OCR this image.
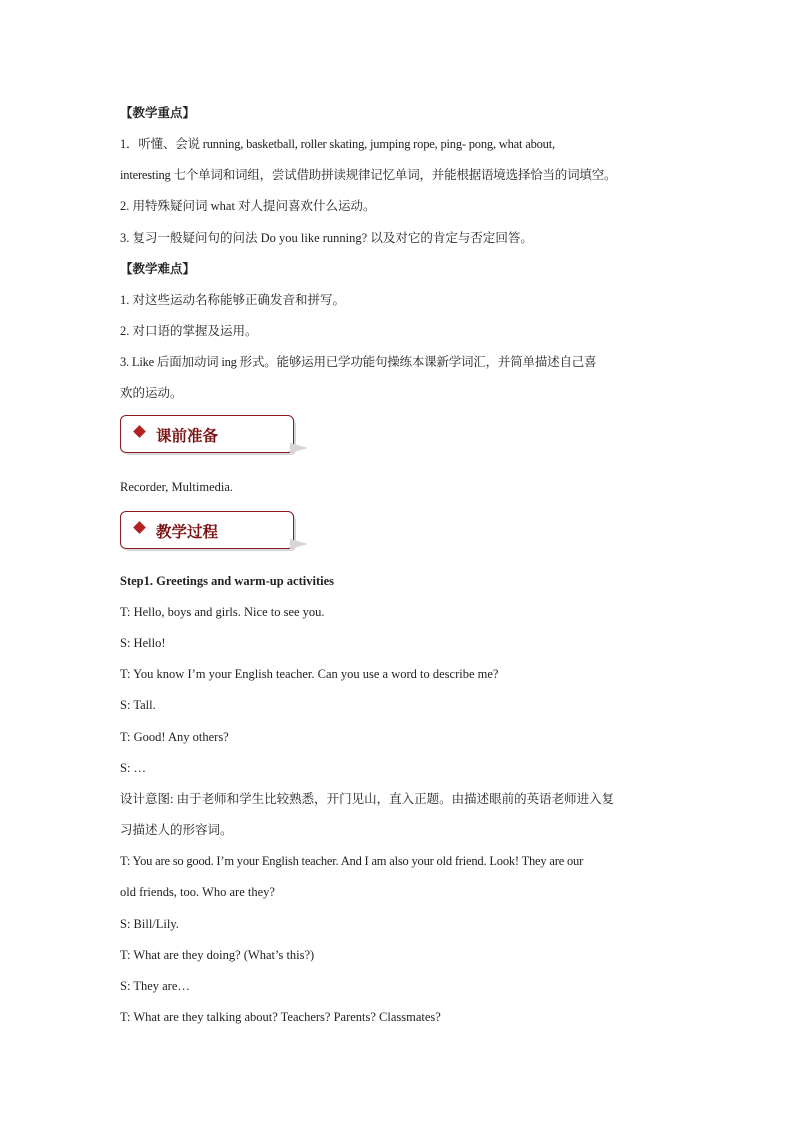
【教学重点】
1．听懂、会说 running, basketball, roller skating, jumping rope, ping- pong, what about,
interesting 七个单词和词组，尝试借助拼读规律记忆单词，并能根据语境选择恰当的词填空。
2. 用特殊疑问词 what 对人提问喜欢什么运动。
3. 复习一般疑问句的问法 Do you like running? 以及对它的肯定与否定回答。
【教学难点】
1. 对这些运动名称能够正确发音和拼写。
2. 对口语的掌握及运用。
3. Like 后面加动词 ing 形式。能够运用已学功能句操练本课新学词汇，并简单描述自己喜
欢的运动。
课前准备
Recorder, Multimedia.
教学过程
Step1. Greetings and warm-up activities
T: Hello, boys and girls. Nice to see you.
S: Hello!
T: You know I’m your English teacher. Can you use a word to describe me?
S: Tall.
T: Good! Any others?
S: …
设计意图: 由于老师和学生比较熟悉，开门见山，直入正题。由描述眼前的英语老师进入复
习描述人的形容词。
T: You are so good. I’m your English teacher. And I am also your old friend. Look! They are our
old friends, too. Who are they?
S: Bill/Lily.
T: What are they doing? (What’s this?)
S: They are…
T: What are they talking about? Teachers? Parents? Classmates?
